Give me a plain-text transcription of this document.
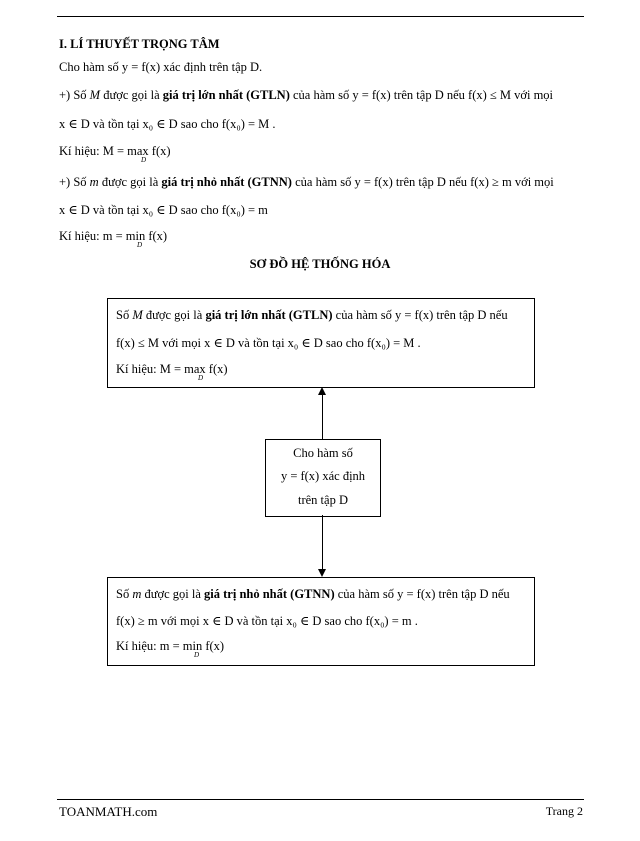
I. LÍ THUYẾT TRỌNG TÂM
Cho hàm số y = f(x) xác định trên tập D.
+) Số M được gọi là giá trị lớn nhất (GTLN) của hàm số y = f(x) trên tập D nếu f(x) ≤ M với mọi
x ∈ D và tồn tại x₀ ∈ D sao cho f(x₀) = M .
Kí hiệu: M = max f(x)
D
+) Số m được gọi là giá trị nhỏ nhất (GTNN) của hàm số y = f(x) trên tập D nếu f(x) ≥ m với mọi
x ∈ D và tồn tại x₀ ∈ D sao cho f(x₀) = m
Kí hiệu: m = min f(x)
D
SƠ ĐỒ HỆ THỐNG HÓA
Số M được gọi là giá trị lớn nhất (GTLN) của hàm số y = f(x) trên tập D nếu
f(x) ≤ M với mọi x ∈ D và tồn tại x₀ ∈ D sao cho f(x₀) = M .
Kí hiệu: M = max f(x)
D
Cho hàm số
y = f(x) xác định
trên tập D
Số m được gọi là giá trị nhỏ nhất (GTNN) của hàm số y = f(x) trên tập D nếu
f(x) ≥ m với mọi x ∈ D và tồn tại x₀ ∈ D sao cho f(x₀) = m .
Kí hiệu: m = min f(x)
D
TOANMATH.com	Trang 2
